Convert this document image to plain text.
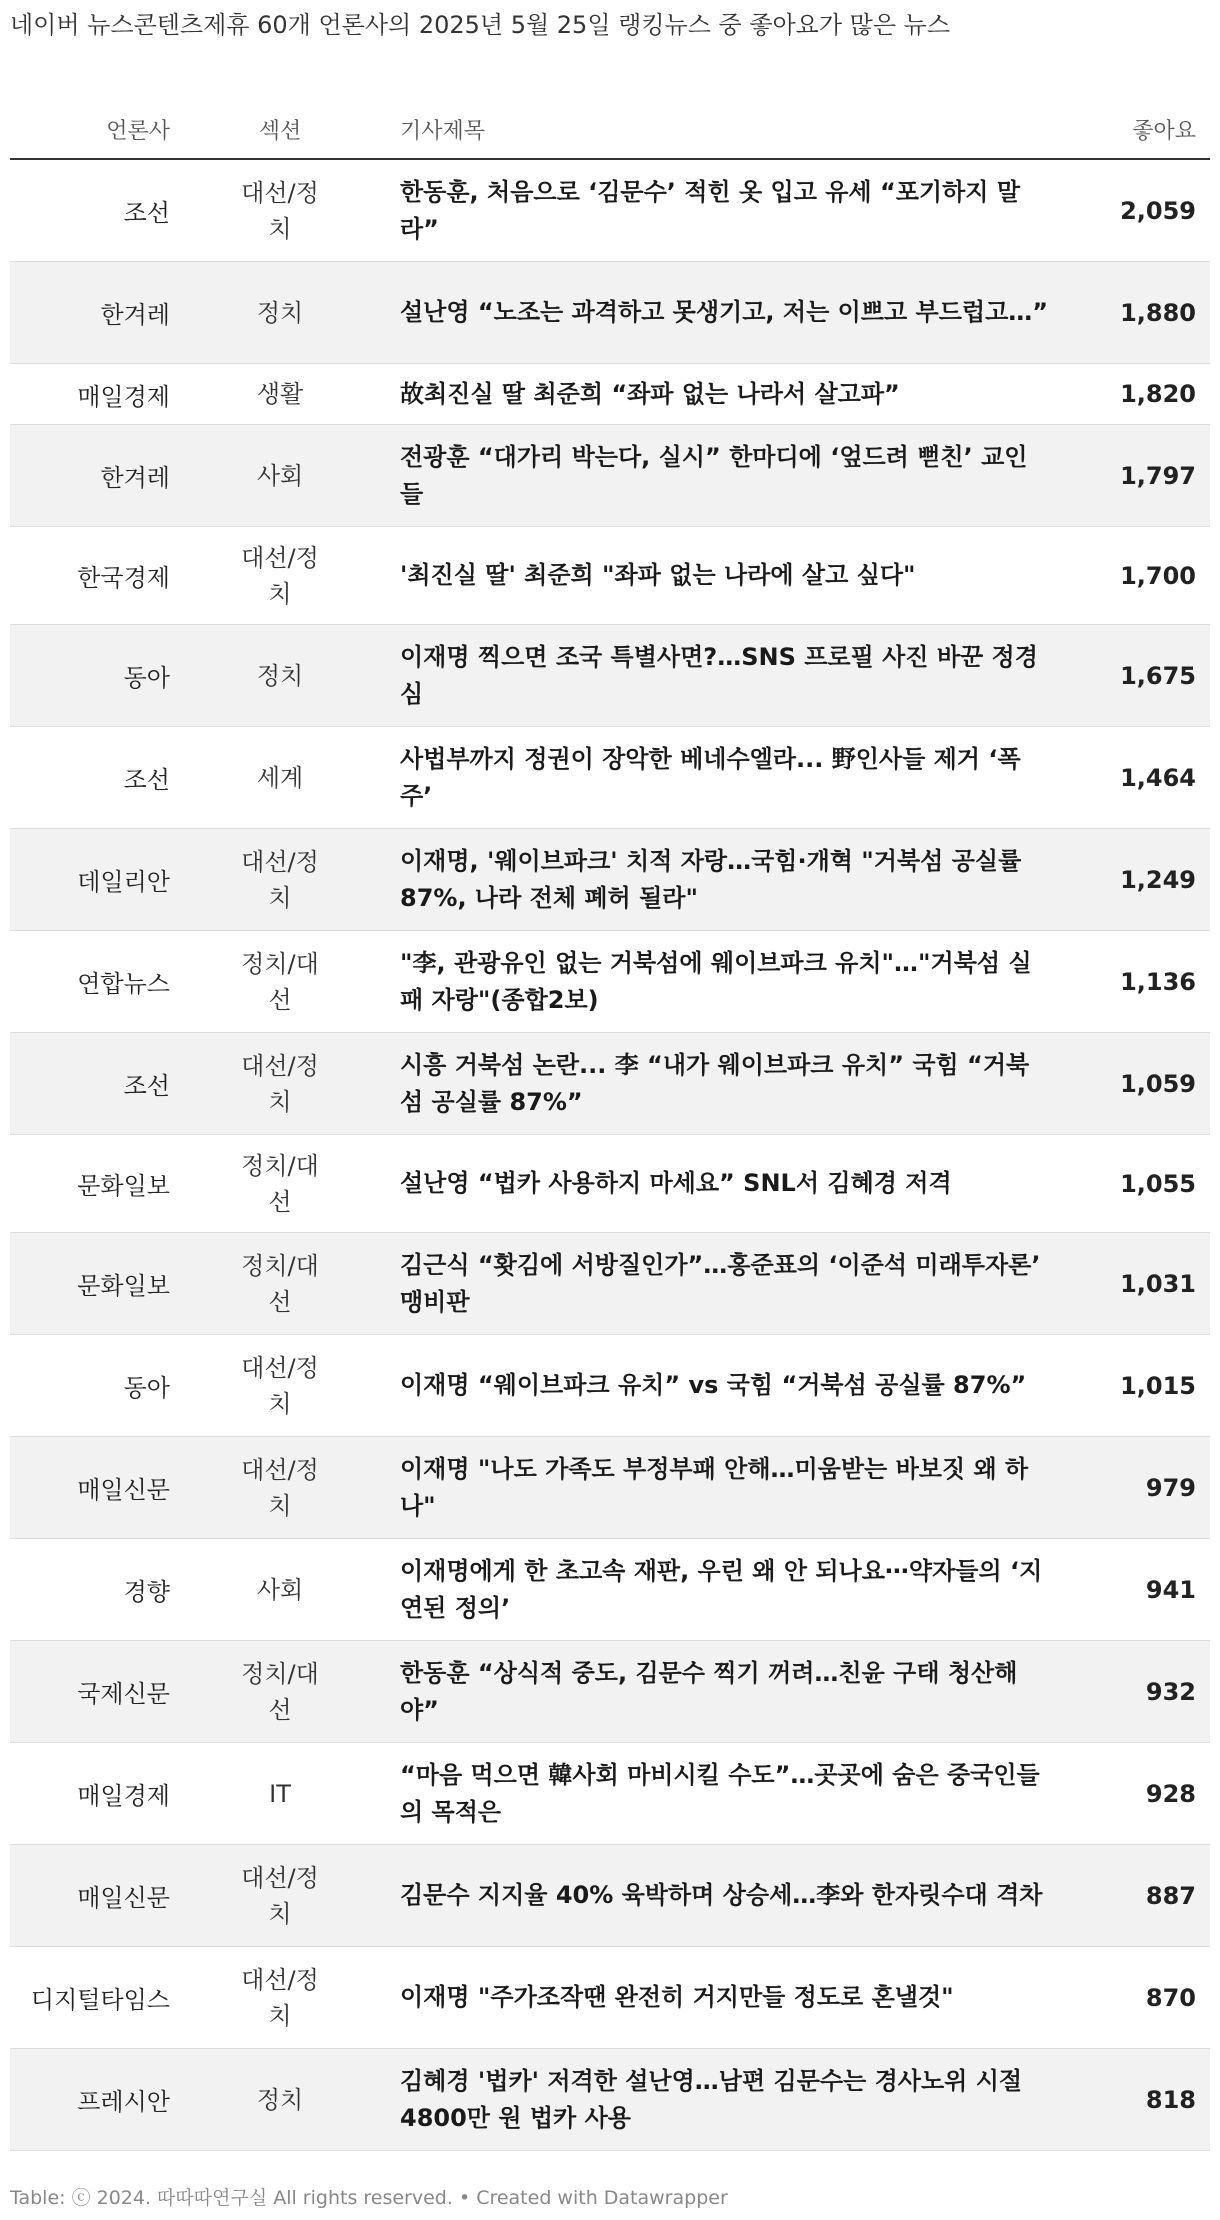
네이버 뉴스콘텐츠제휴 60개 언론사의 2025년 5월 25일 랭킹뉴스 중 좋아요가 많은 뉴스
언론사	섹션	기사제목	좋아요
조선	대선/정치	한동훈, 처음으로 ‘김문수’ 적힌 옷 입고 유세 “포기하지 말라”	2,059
한겨레	정치	설난영 “노조는 과격하고 못생기고, 저는 이쁘고 부드럽고…”	1,880
매일경제	생활	故최진실 딸 최준희 “좌파 없는 나라서 살고파”	1,820
한겨레	사회	전광훈 “대가리 박는다, 실시” 한마디에 ‘엎드려 뻗친’ 교인들	1,797
한국경제	대선/정치	'최진실 딸' 최준희 "좌파 없는 나라에 살고 싶다"	1,700
동아	정치	이재명 찍으면 조국 특별사면?…SNS 프로필 사진 바꾼 정경심	1,675
조선	세계	사법부까지 정권이 장악한 베네수엘라... 野인사들 제거 ‘폭주’	1,464
데일리안	대선/정치	이재명, '웨이브파크' 치적 자랑…국힘·개혁 "거북섬 공실률 87%, 나라 전체 폐허 될라"	1,249
연합뉴스	정치/대선	"李, 관광유인 없는 거북섬에 웨이브파크 유치"…"거북섬 실패 자랑"(종합2보)	1,136
조선	대선/정치	시흥 거북섬 논란... 李 “내가 웨이브파크 유치” 국힘 “거북섬 공실률 87%”	1,059
문화일보	정치/대선	설난영 “법카 사용하지 마세요” SNL서 김혜경 저격	1,055
문화일보	정치/대선	김근식 “홧김에 서방질인가”…홍준표의 ‘이준석 미래투자론’ 맹비판	1,031
동아	대선/정치	이재명 “웨이브파크 유치” vs 국힘 “거북섬 공실률 87%”	1,015
매일신문	대선/정치	이재명 "나도 가족도 부정부패 안해…미움받는 바보짓 왜 하나"	979
경향	사회	이재명에게 한 초고속 재판, 우린 왜 안 되나요⋯약자들의 ‘지연된 정의’	941
국제신문	정치/대선	한동훈 “상식적 중도, 김문수 찍기 꺼려…친윤 구태 청산해야”	932
매일경제	IT	“마음 먹으면 韓사회 마비시킬 수도”…곳곳에 숨은 중국인들의 목적은	928
매일신문	대선/정치	김문수 지지율 40% 육박하며 상승세…李와 한자릿수대 격차	887
디지털타임스	대선/정치	이재명 "주가조작땐 완전히 거지만들 정도로 혼낼것"	870
프레시안	정치	김혜경 '법카' 저격한 설난영…남편 김문수는 경사노위 시절 4800만 원 법카 사용	818
Table: ⓒ 2024. 따따따연구실 All rights reserved. • Created with Datawrapper
